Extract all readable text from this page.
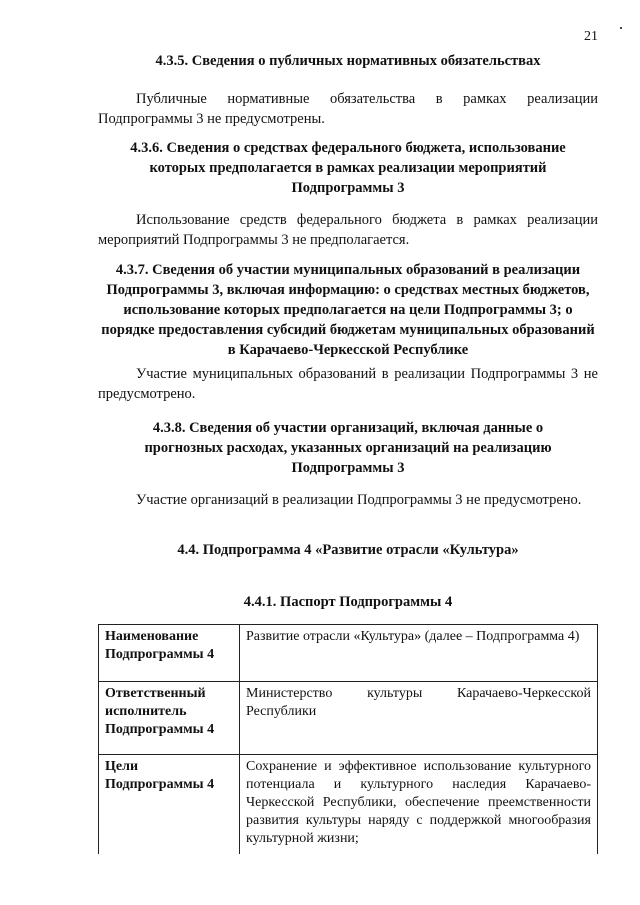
21
4.3.5. Сведения о публичных нормативных обязательствах

Публичные нормативные обязательства в рамках реализации Подпрограммы 3 не предусмотрены.

4.3.6. Сведения о средствах федерального бюджета, использование которых предполагается в рамках реализации мероприятий Подпрограммы 3

Использование средств федерального бюджета в рамках реализации мероприятий Подпрограммы 3 не предполагается.

4.3.7. Сведения об участии муниципальных образований в реализации Подпрограммы 3, включая информацию: о средствах местных бюджетов, использование которых предполагается на цели Подпрограммы 3; о порядке предоставления субсидий бюджетам муниципальных образований в Карачаево-Черкесской Республике

Участие муниципальных образований в реализации Подпрограммы 3 не предусмотрено.

4.3.8. Сведения об участии организаций, включая данные о прогнозных расходах, указанных организаций на реализацию Подпрограммы 3

Участие организаций в реализации Подпрограммы 3 не предусмотрено.

4.4. Подпрограмма 4 «Развитие отрасли «Культура»
4.4.1. Паспорт Подпрограммы 4
Наименование Подпрограммы 4	Развитие отрасли «Культура» (далее – Подпрограмма 4)
Ответственный исполнитель Подпрограммы 4	Министерство культуры Карачаево-Черкесской Республики
Цели Подпрограммы 4	Сохранение и эффективное использование культурного потенциала и культурного наследия Карачаево-Черкесской Республики, обеспечение преемственности развития культуры наряду с поддержкой многообразия культурной жизни;
